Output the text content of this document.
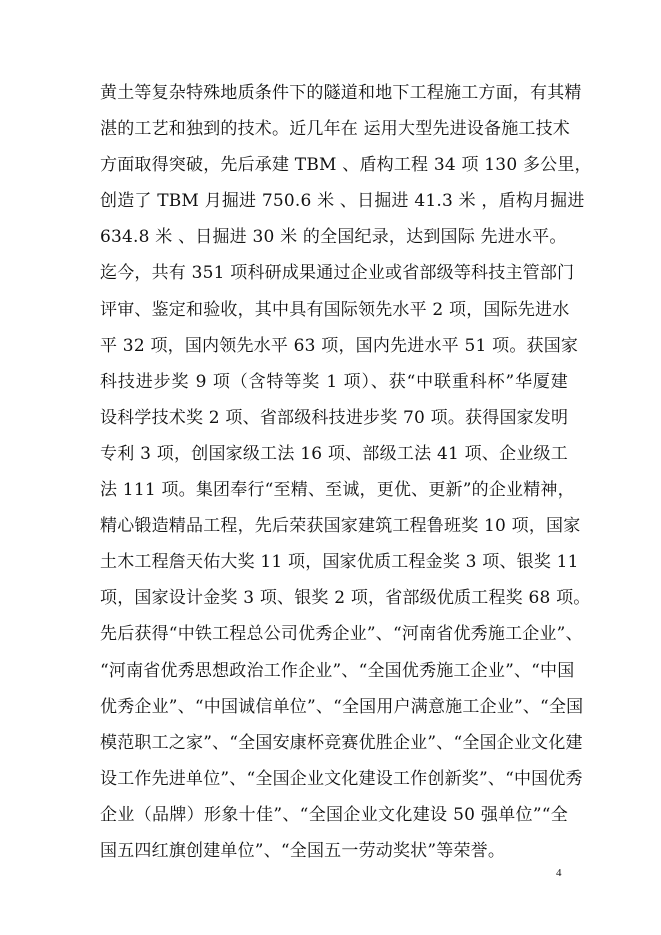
黄土等复杂特殊地质条件下的隧道和地下工程施工方面，有其精
湛的工艺和独到的技术。近几年在 运用大型先进设备施工技术
方面取得突破，先后承建 TBM 、盾构工程 34 项 130 多公里，
创造了 TBM 月掘进 750.6 米 、日掘进 41.3 米 ，盾构月掘进
634.8 米 、日掘进 30 米 的全国纪录，达到国际 先进水平。
迄今，共有 351 项科研成果通过企业或省部级等科技主管部门
评审、鉴定和验收，其中具有国际领先水平 2 项，国际先进水
平 32 项，国内领先水平 63 项，国内先进水平 51 项。获国家
科技进步奖 9 项（含特等奖 1 项）、获“中联重科杯”华厦建
设科学技术奖 2 项、省部级科技进步奖 70 项。获得国家发明
专利 3 项，创国家级工法 16 项、部级工法 41 项、企业级工
法 111 项。集团奉行“至精、至诚，更优、更新”的企业精神，
精心锻造精品工程，先后荣获国家建筑工程鲁班奖 10 项，国家
土木工程詹天佑大奖 11 项，国家优质工程金奖 3 项、银奖 11
项，国家设计金奖 3 项、银奖 2 项，省部级优质工程奖 68 项。
先后获得“中铁工程总公司优秀企业”、“河南省优秀施工企业”、
“河南省优秀思想政治工作企业”、“全国优秀施工企业”、“中国
优秀企业”、“中国诚信单位”、“全国用户满意施工企业”、“全国
模范职工之家”、“全国安康杯竞赛优胜企业”、“全国企业文化建
设工作先进单位”、“全国企业文化建设工作创新奖”、“中国优秀
企业（品牌）形象十佳”、“全国企业文化建设 50 强单位”“全
国五四红旗创建单位”、“全国五一劳动奖状”等荣誉。
4
